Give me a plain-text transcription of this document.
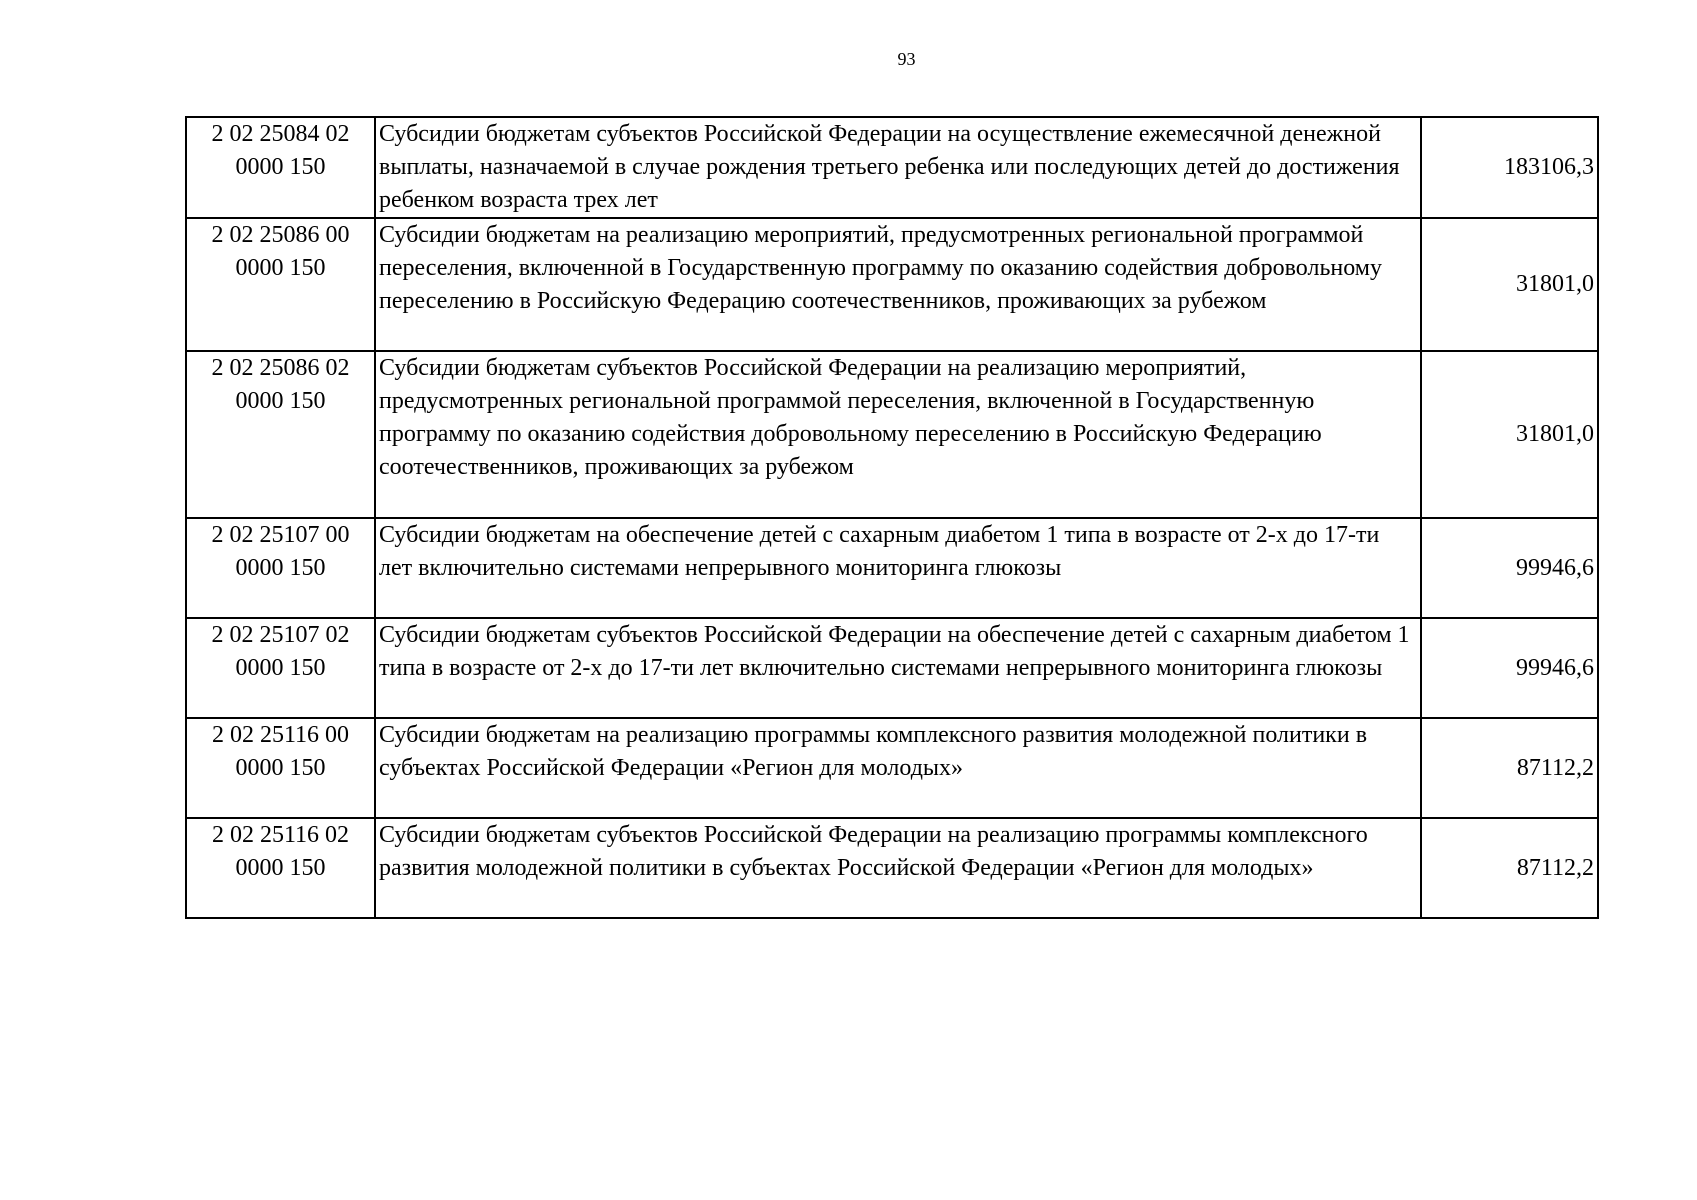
93
2 02 25084 02 0000 150	Субсидии бюджетам субъектов Российской Федерации на осуществление ежемесячной денежной выплаты, назначаемой в случае рождения третьего ребенка или последующих детей до достижения ребенком возраста трех лет	183106,3
2 02 25086 00 0000 150	Субсидии бюджетам на реализацию мероприятий, предусмотренных региональной программой переселения, включенной в Государственную программу по оказанию содействия добровольному переселению в Российскую Федерацию соотечественников, проживающих за рубежом	31801,0
2 02 25086 02 0000 150	Субсидии бюджетам субъектов Российской Федерации на реализацию мероприятий, предусмотренных региональной программой переселения, включенной в Государственную программу по оказанию содействия добровольному переселению в Российскую Федерацию соотечественников, проживающих за рубежом	31801,0
2 02 25107 00 0000 150	Субсидии бюджетам на обеспечение детей с сахарным диабетом 1 типа в возрасте от 2-х до 17-ти лет включительно системами непрерывного мониторинга глюкозы	99946,6
2 02 25107 02 0000 150	Субсидии бюджетам субъектов Российской Федерации на обеспечение детей с сахарным диабетом 1 типа в возрасте от 2-х до 17-ти лет включительно системами непрерывного мониторинга глюкозы	99946,6
2 02 25116 00 0000 150	Субсидии бюджетам на реализацию программы комплексного развития молодежной политики в субъектах Российской Федерации «Регион для молодых»	87112,2
2 02 25116 02 0000 150	Субсидии бюджетам субъектов Российской Федерации на реализацию программы комплексного развития молодежной политики в субъектах Российской Федерации «Регион для молодых»	87112,2
